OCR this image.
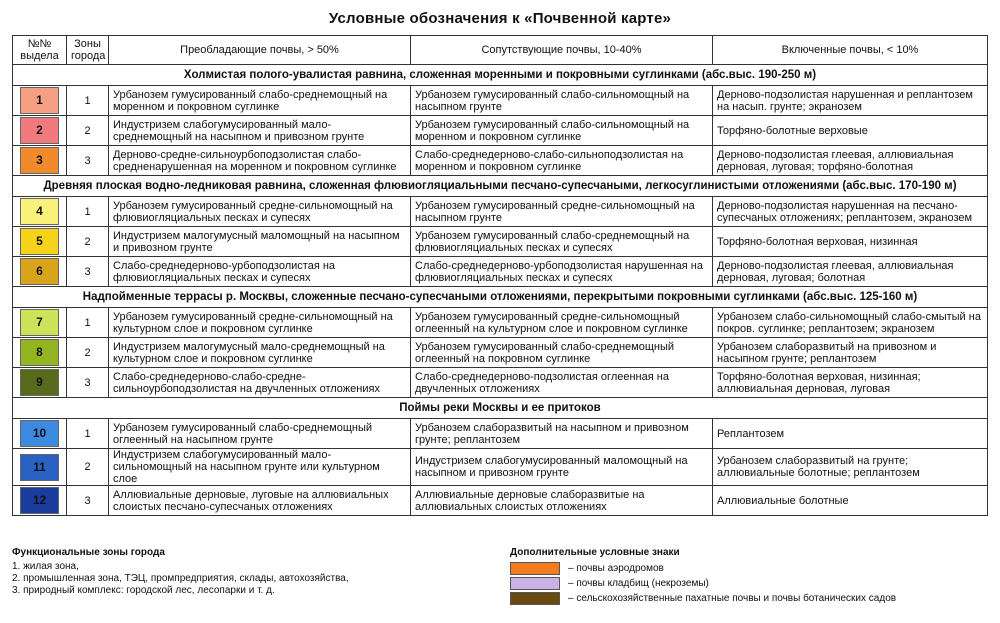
Условные обозначения к «Почвенной карте»
№№ выдела	Зоны города	Преобладающие почвы, > 50%	Сопутствующие почвы, 10-40%	Включенные почвы, < 10%
Холмистая полого-увалистая равнина, сложенная моренными и покровными суглинками (абс.выс. 190-250 м)				

1	1	Урбанозем гумусированный слабо-среднемощный на моренном и покровном суглинке	Урбанозем гумусированный слабо-сильномощный на насыпном грунте	Дерново-подзолистая нарушенная и реплантозем на насып. грунте; экранозем

2	2	Индустризем слабогумусированный мало-среднемощный на насыпном и привозном грунте	Урбанозем гумусированный слабо-сильномощный на моренном и покровном суглинке	Торфяно-болотные верховые

3	3	Дерново-средне-сильноурбоподзолистая слабо-средненарушенная на моренном и покровном суглинке	Слабо-среднедерново-слабо-сильноподзолистая на моренном и покровном суглинке	Дерново-подзолистая глеевая, аллювиальная дерновая, луговая; торфяно-болотная
Древняя плоская водно-ледниковая равнина, сложенная флювиогляциальными песчано-супесчаными, легкосуглинистыми отложениями (абс.выс. 170-190 м)				

4	1	Урбанозем гумусированный средне-сильномощный на флювиогляциальных песках и супесях	Урбанозем гумусированный средне-сильномощный на насыпном грунте	Дерново-подзолистая нарушенная на песчано-супесчаных отложениях; реплантозем, экранозем

5	2	Индустризем малогумусный маломощный на насыпном и привозном грунте	Урбанозем гумусированный слабо-среднемощный на флювиогляциальных песках и супесях	Торфяно-болотная верховая, низинная

6	3	Слабо-среднедерново-урбоподзолистая на флювиогляциальных песках и супесях	Слабо-среднедерново-урбоподзолистая нарушенная на флювиогляциальных песках и супесях	Дерново-подзолистая глеевая, аллювиальная дерновая, луговая; болотная
Надпойменные террасы р. Москвы, сложенные песчано-супесчаными отложениями, перекрытыми покровными суглинками (абс.выс. 125-160 м)				

7	1	Урбанозем гумусированный средне-сильномощный на культурном слое и покровном суглинке	Урбанозем гумусированный средне-сильномощный оглеенный на культурном слое и покровном суглинке	Урбанозем слабо-сильномощный слабо-смытый на покров. суглинке; реплантозем; экранозем

8	2	Индустризем малогумусный мало-среднемощный на культурном слое и покровном суглинке	Урбанозем гумусированный слабо-среднемощный оглеенный на покровном суглинке	Урбанозем слаборазвитый на привозном и насыпном грунте; реплантозем

9	3	Слабо-среднедерново-слабо-средне-сильноурбоподзолистая на двучленных отложениях	Слабо-среднедерново-подзолистая оглеенная на двучленных отложениях	Торфяно-болотная верховая, низинная; аллювиальная дерновая, луговая
Поймы реки Москвы и ее притоков				

10	1	Урбанозем гумусированный слабо-среднемощный оглеенный на насыпном грунте	Урбанозем слаборазвитый на насыпном и привозном грунте; реплантозем	Реплантозем

11	2	Индустризем слабогумусированный мало-сильномощный на насыпном грунте или культурном слое	Индустризем слабогумусированный маломощный на насыпном и привозном грунте	Урбанозем слаборазвитый на грунте; аллювиальные болотные; реплантозем

12	3	Аллювиальные дерновые, луговые на аллювиальных слоистых песчано-супесчаных отложениях	Аллювиальные дерновые слаборазвитые на аллювиальных слоистых отложениях	Аллювиальные болотные
Функциональные зоны города
1. жилая зона,
2. промышленная зона, ТЭЦ, промпредприятия, склады, автохозяйства,
3. природный комплекс: городской лес, лесопарки и т. д.
Дополнительные условные знаки
– почвы аэродромов
– почвы кладбищ (некроземы)
– сельскохозяйственные пахатные почвы и почвы ботанических садов
